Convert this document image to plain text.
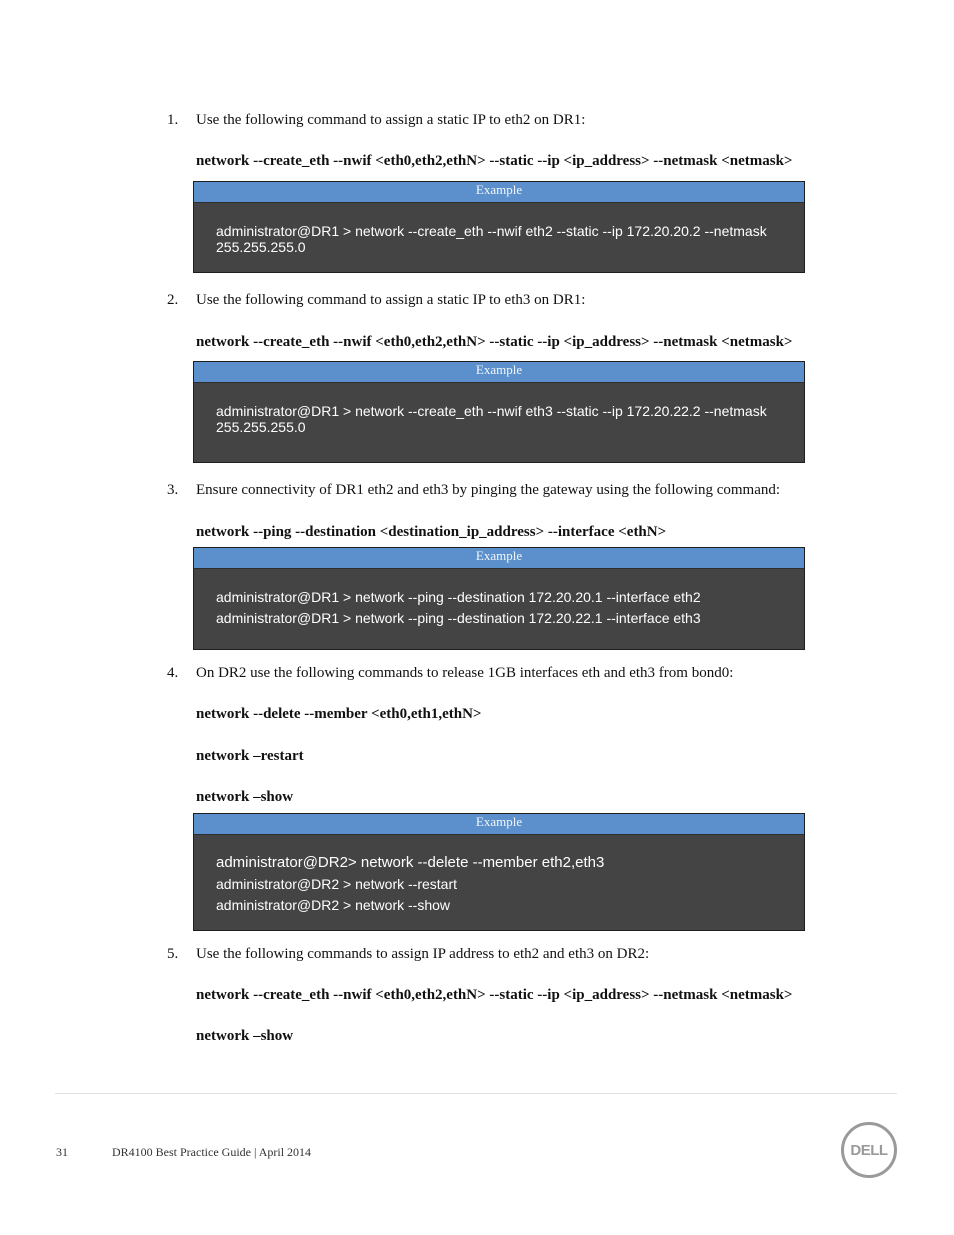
1. Use the following command to assign a static IP to eth2 on DR1:
network --create_eth --nwif <eth0,eth2,ethN> --static --ip <ip_address> --netmask <netmask>
Example
administrator@DR1 > network --create_eth --nwif eth2 --static --ip 172.20.20.2 --netmask
255.255.255.0
2. Use the following command to assign a static IP to eth3 on DR1:
network --create_eth --nwif <eth0,eth2,ethN> --static --ip <ip_address> --netmask <netmask>
Example
administrator@DR1 > network --create_eth --nwif eth3 --static --ip 172.20.22.2 --netmask
255.255.255.0
3. Ensure connectivity of DR1 eth2 and eth3 by pinging the gateway using the following command:
network --ping --destination <destination_ip_address> --interface <ethN>
Example
administrator@DR1 > network --ping --destination 172.20.20.1 --interface eth2
administrator@DR1 > network --ping --destination 172.20.22.1 --interface eth3
4. On DR2 use the following commands to release 1GB interfaces eth and eth3 from bond0:
network --delete --member <eth0,eth1,ethN>
network –restart
network –show
Example
administrator@DR2> network --delete --member eth2,eth3
administrator@DR2 > network --restart
administrator@DR2 > network --show
5. Use the following commands to assign IP address to eth2 and eth3 on DR2:
network --create_eth --nwif <eth0,eth2,ethN> --static --ip <ip_address> --netmask <netmask>
network –show
31	DR4100 Best Practice Guide | April 2014	DELL
